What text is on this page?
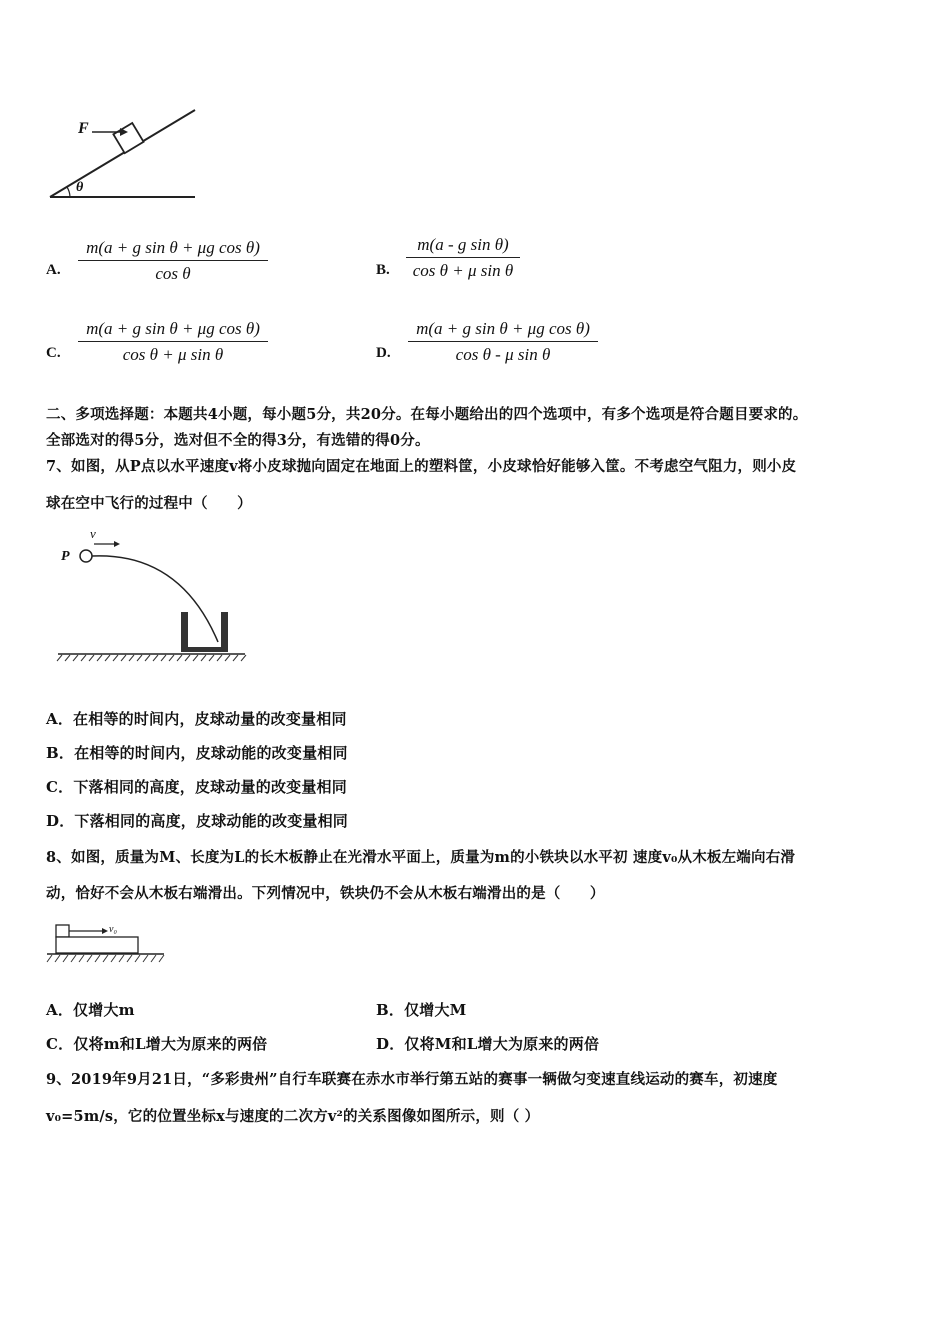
F
θ
A.
m(a + g sin θ + μg cos θ)
cos θ	B.
m(a - g sin θ)
cos θ + μ sin θ
C.
m(a + g sin θ + μg cos θ)
cos θ + μ sin θ	D.
m(a + g sin θ + μg cos θ)
cos θ - μ sin θ
二、多项选择题：本题共4小题，每小题5分，共20分。在每小题给出的四个选项中，有多个选项是符合题目要求的。
全部选对的得5分，选对但不全的得3分，有选错的得0分。
7、如图，从P点以水平速度v将小皮球抛向固定在地面上的塑料筐，小皮球恰好能够入筐。不考虑空气阻力，则小皮
球在空中飞行的过程中（　　）
P
v
A．在相等的时间内，皮球动量的改变量相同
B．在相等的时间内，皮球动能的改变量相同
C．下落相同的高度，皮球动量的改变量相同
D．下落相同的高度，皮球动能的改变量相同
8、如图，质量为M、长度为L的长木板静止在光滑水平面上，质量为m的小铁块以水平初 速度v₀从木板左端向右滑
动，恰好不会从木板右端滑出。下列情况中，铁块仍不会从木板右端滑出的是（　　）
v₀
A．仅增大m	B．仅增大M
C．仅将m和L增大为原来的两倍	D．仅将M和L增大为原来的两倍
9、2019年9月21日，“多彩贵州”自行车联赛在赤水市举行第五站的赛事一辆做匀变速直线运动的赛车，初速度
v₀=5m/s，它的位置坐标x与速度的二次方v²的关系图像如图所示，则（ ）
